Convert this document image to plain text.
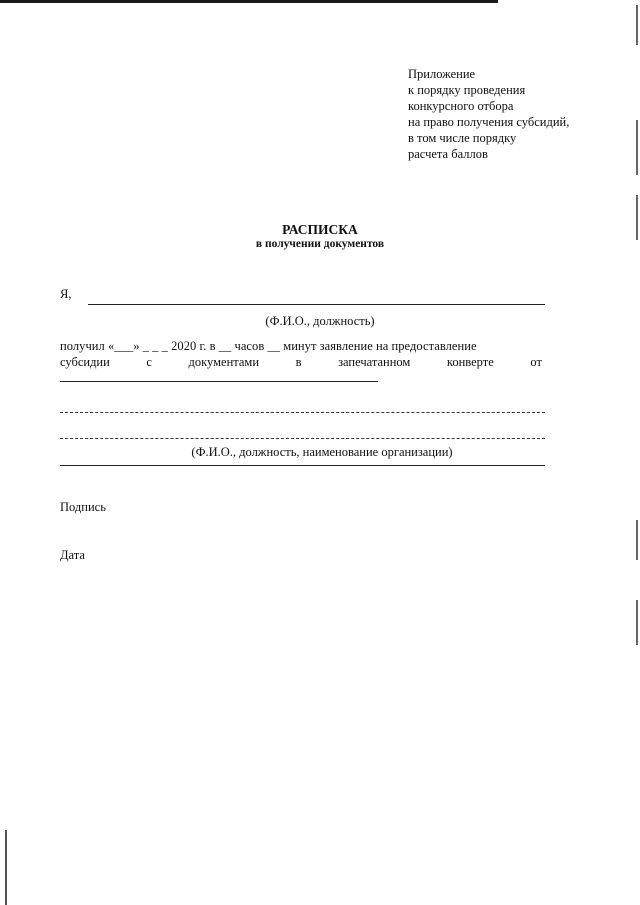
Приложение
к порядку проведения
конкурсного отбора
на право получения субсидий,
в том числе порядку
расчета баллов
РАСПИСКА
в получении документов
Я,
(Ф.И.О., должность)
получил «___» _ _ _ 2020 г. в __ часов __ минут заявление на предоставление
субсидии	с	документами	в	запечатанном	конверте	от
(Ф.И.О., должность, наименование организации)
Подпись
Дата
